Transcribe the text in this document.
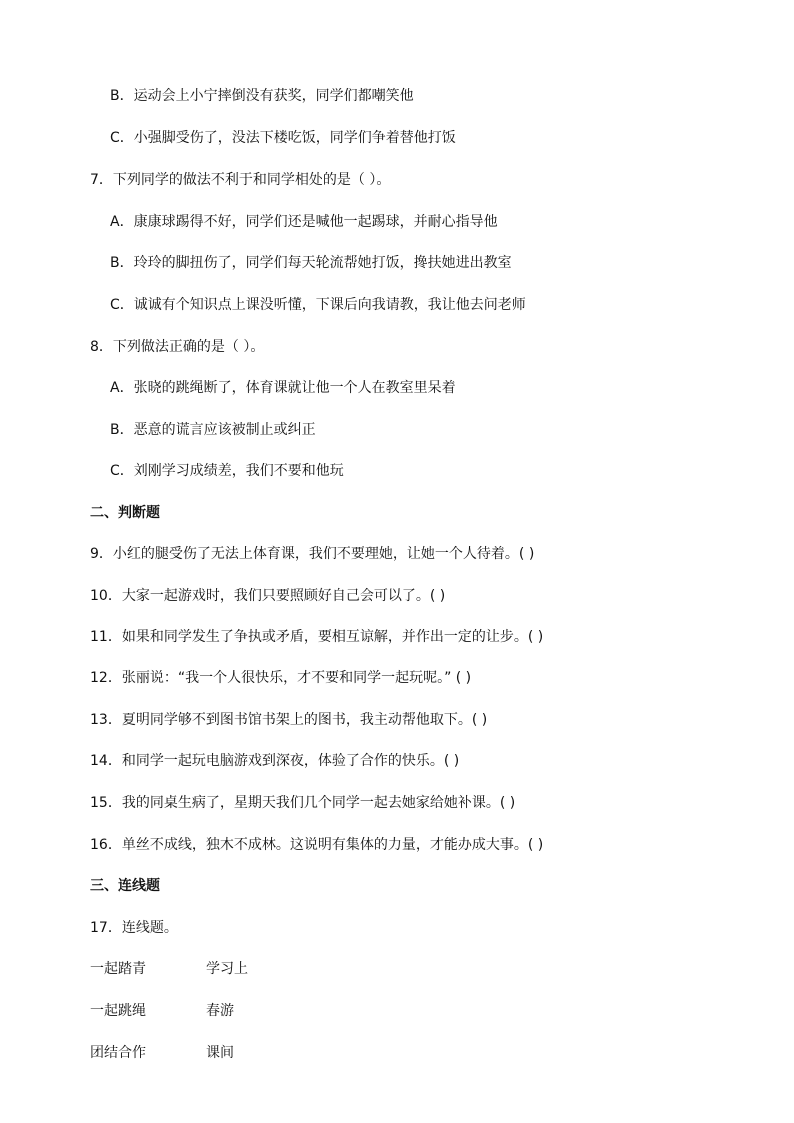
B．运动会上小宁摔倒没有获奖，同学们都嘲笑他
C．小强脚受伤了，没法下楼吃饭，同学们争着替他打饭
7．下列同学的做法不利于和同学相处的是（ ）。
A．康康球踢得不好，同学们还是喊他一起踢球，并耐心指导他
B．玲玲的脚扭伤了，同学们每天轮流帮她打饭，搀扶她进出教室
C．诚诚有个知识点上课没听懂，下课后向我请教，我让他去问老师
8．下列做法正确的是（ ）。
A．张晓的跳绳断了，体育课就让他一个人在教室里呆着
B．恶意的谎言应该被制止或纠正
C．刘刚学习成绩差，我们不要和他玩
二、判断题
9．小红的腿受伤了无法上体育课，我们不要理她，让她一个人待着。( )
10．大家一起游戏时，我们只要照顾好自己会可以了。( )
11．如果和同学发生了争执或矛盾，要相互谅解，并作出一定的让步。( )
12．张丽说：“我一个人很快乐，才不要和同学一起玩呢。” ( )
13．夏明同学够不到图书馆书架上的图书，我主动帮他取下。( )
14．和同学一起玩电脑游戏到深夜，体验了合作的快乐。( )
15．我的同桌生病了，星期天我们几个同学一起去她家给她补课。( )
16．单丝不成线，独木不成林。这说明有集体的力量，才能办成大事。( )
三、连线题
17．连线题。
一起踏青	学习上
一起跳绳	春游
团结合作	课间
